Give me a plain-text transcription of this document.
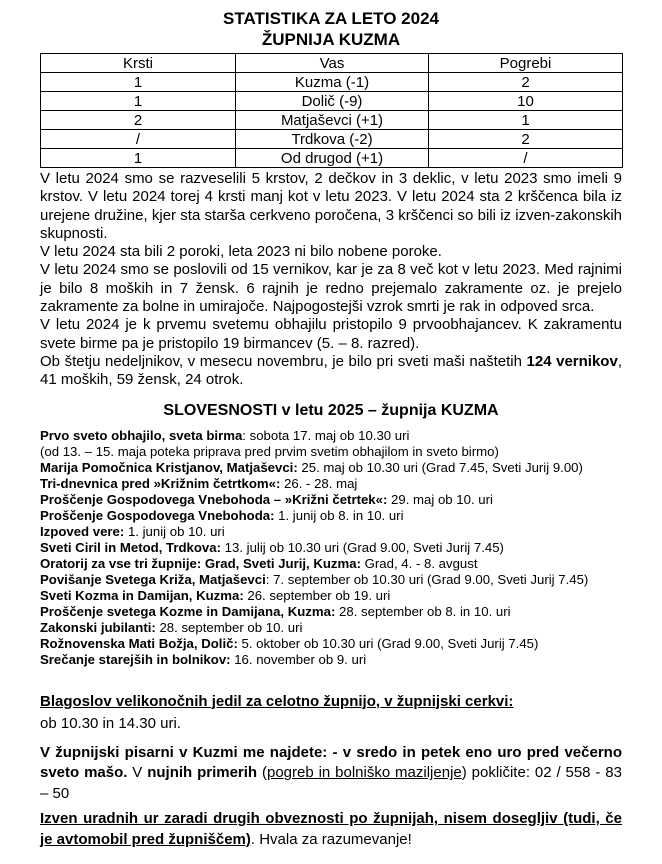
STATISTIKA ZA LETO 2024
ŽUPNIJA KUZMA
Krsti	Vas	Pogrebi
1	Kuzma (-1)	2
1	Dolič (-9)	10
2	Matjaševci (+1)	1
/	Trdkova (-2)	2
1	Od drugod (+1)	/

V letu 2024 smo se razveselili 5 krstov, 2 dečkov in 3 deklic, v letu 2023 smo imeli 9 krstov. V letu 2024 torej 4 krsti manj kot v letu 2023. V letu 2024 sta 2 krščenca bila iz urejene družine, kjer sta starša cerkveno poročena, 3 krščenci so bili iz izven-zakonskih skupnosti.

V letu 2024 sta bili 2 poroki, leta 2023 ni bilo nobene poroke.

V letu 2024 smo se poslovili od 15 vernikov, kar je za 8 več kot v letu 2023. Med rajnimi je bilo 8 moških in 7 žensk. 6 rajnih je redno prejemalo zakramente oz. je prejelo zakramente za bolne in umirajoče. Najpogostejši vzrok smrti je rak in odpoved srca.

V letu 2024 je k prvemu svetemu obhajilu pristopilo 9 prvoobhajancev. K zakramentu svete birme pa je pristopilo 19 birmancev (5. – 8. razred).

Ob štetju nedeljnikov, v mesecu novembru, je bilo pri sveti maši naštetih 124 vernikov, 41 moških, 59 žensk, 24 otrok.

SLOVESNOSTI v letu 2025 – župnija KUZMA
Prvo sveto obhajilo, sveta birma: sobota 17. maj ob 10.30 uri
(od 13. – 15. maja poteka priprava pred prvim svetim obhajilom in sveto birmo)
Marija Pomočnica Kristjanov, Matjaševci: 25. maj ob 10.30 uri (Grad 7.45, Sveti Jurij 9.00)
Tri-dnevnica pred »Križnim četrtkom«: 26. - 28. maj
Proščenje Gospodovega Vnebohoda – »Križni četrtek«: 29. maj ob 10. uri
Proščenje Gospodovega Vnebohoda: 1. junij ob 8. in 10. uri
Izpoved vere: 1. junij ob 10. uri
Sveti Ciril in Metod, Trdkova: 13. julij ob 10.30 uri (Grad 9.00, Sveti Jurij 7.45)
Oratorij za vse tri župnije: Grad, Sveti Jurij, Kuzma: Grad, 4. - 8. avgust
Povišanje Svetega Križa, Matjaševci: 7. september ob 10.30 uri (Grad 9.00, Sveti Jurij 7.45)
Sveti Kozma in Damijan, Kuzma: 26. september ob 19. uri
Proščenje svetega Kozme in Damijana, Kuzma: 28. september ob 8. in 10. uri
Zakonski jubilanti: 28. september ob 10. uri
Rožnovenska Mati Božja, Dolič: 5. oktober ob 10.30 uri (Grad 9.00, Sveti Jurij 7.45)
Srečanje starejših in bolnikov: 16. november ob 9. uri
Blagoslov velikonočnih jedil za celotno župnijo, v župnijski cerkvi:
ob 10.30 in 14.30 uri.
V župnijski pisarni v Kuzmi me najdete: - v sredo in petek eno uro pred večerno sveto mašo. V nujnih primerih (pogreb in bolniško maziljenje) pokličite: 02 / 558 - 83 – 50
Izven uradnih ur zaradi drugih obveznosti po župnijah, nisem dosegljiv (tudi, če je avtomobil pred župniščem). Hvala za razumevanje!
